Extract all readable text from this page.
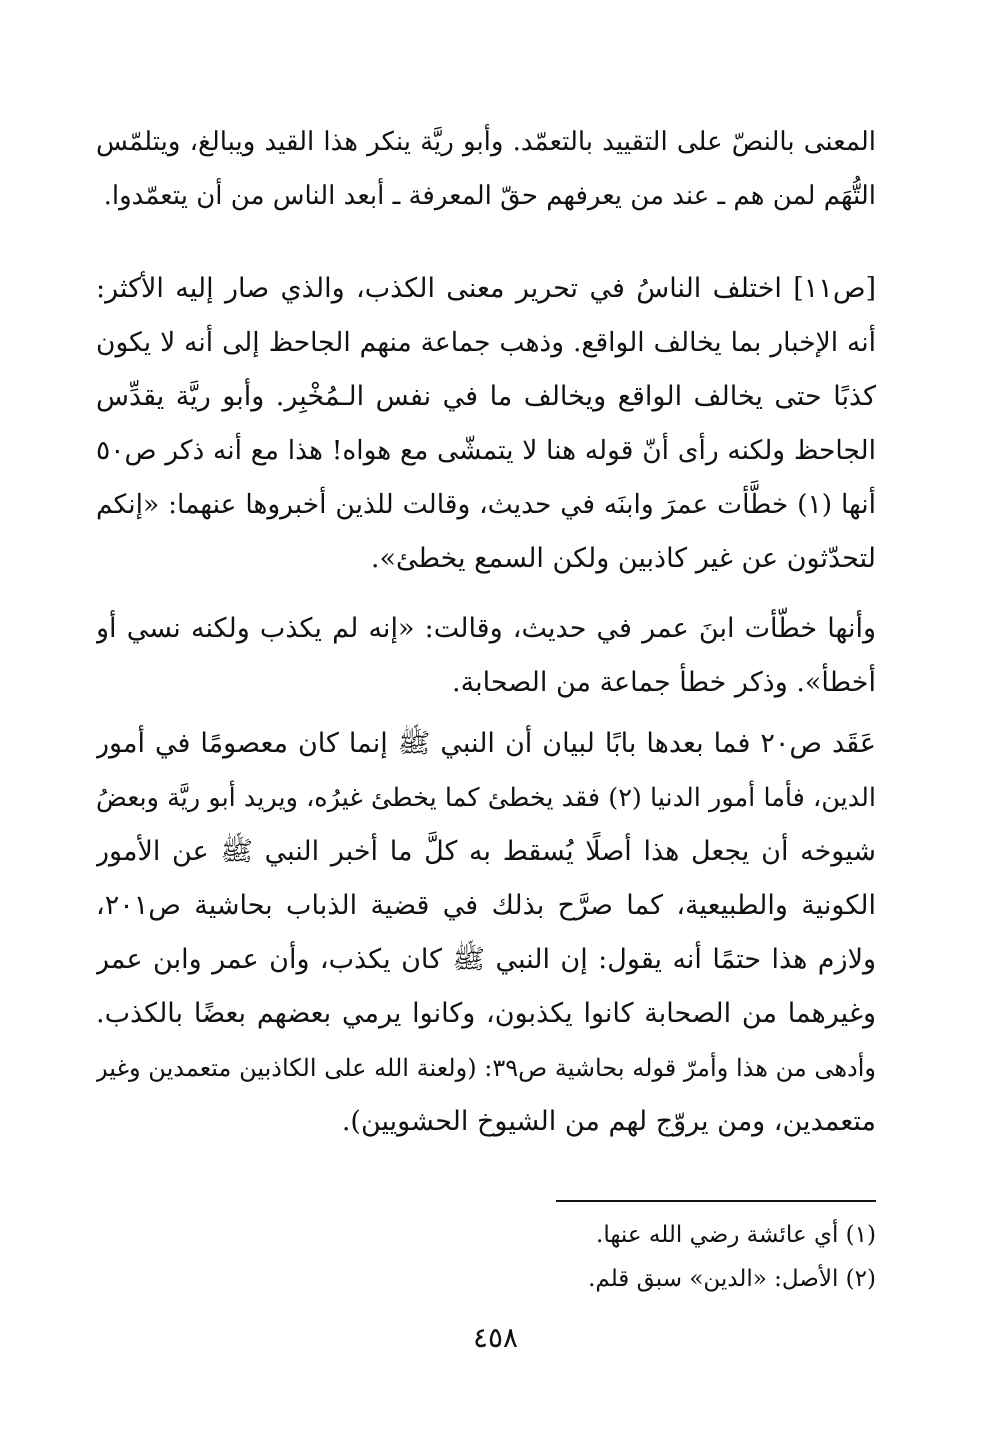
المعنى بالنصّ على التقييد بالتعمّد. وأبو ريَّة ينكر هذا القيد ويبالغ، ويتلمّس
التُّهَم لمن هم ـ عند من يعرفهم حقّ المعرفة ـ أبعد الناس من أن يتعمّدوا.
[ص١١] اختلف الناسُ في تحرير معنى الكذب، والذي صار إليه الأكثر:
أنه الإخبار بما يخالف الواقع. وذهب جماعة منهم الجاحظ إلى أنه لا يكون
كذبًا حتى يخالف الواقع ويخالف ما في نفس الـمُخْبِر. وأبو ريَّة يقدِّس
الجاحظ ولكنه رأى أنّ قوله هنا لا يتمشّى مع هواه! هذا مع أنه ذكر ص٥٠
أنها (١) خطَّأت عمرَ وابنَه في حديث، وقالت للذين أخبروها عنهما: «إنكم
لتحدّثون عن غير كاذبين ولكن السمع يخطئ».
وأنها خطّأت ابنَ عمر في حديث، وقالت: «إنه لم يكذب ولكنه نسي أو
أخطأ». وذكر خطأ جماعة من الصحابة.
عَقَد ص٢٠ فما بعدها بابًا لبيان أن النبي ﷺ إنما كان معصومًا في أمور
الدين، فأما أمور الدنيا (٢) فقد يخطئ كما يخطئ غيرُه، ويريد أبو ريَّة وبعضُ
شيوخه أن يجعل هذا أصلًا يُسقط به كلَّ ما أخبر النبي ﷺ عن الأمور
الكونية والطبيعية، كما صرَّح بذلك في قضية الذباب بحاشية ص٢٠١،
ولازم هذا حتمًا أنه يقول: إن النبي ﷺ كان يكذب، وأن عمر وابن عمر
وغيرهما من الصحابة كانوا يكذبون، وكانوا يرمي بعضهم بعضًا بالكذب.
وأدهى من هذا وأمرّ قوله بحاشية ص٣٩: (ولعنة الله على الكاذبين متعمدين وغير
متعمدين، ومن يروّج لهم من الشيوخ الحشويين).
(١) أي عائشة رضي الله عنها.
(٢) الأصل: «الدين» سبق قلم.
٤٥٨
